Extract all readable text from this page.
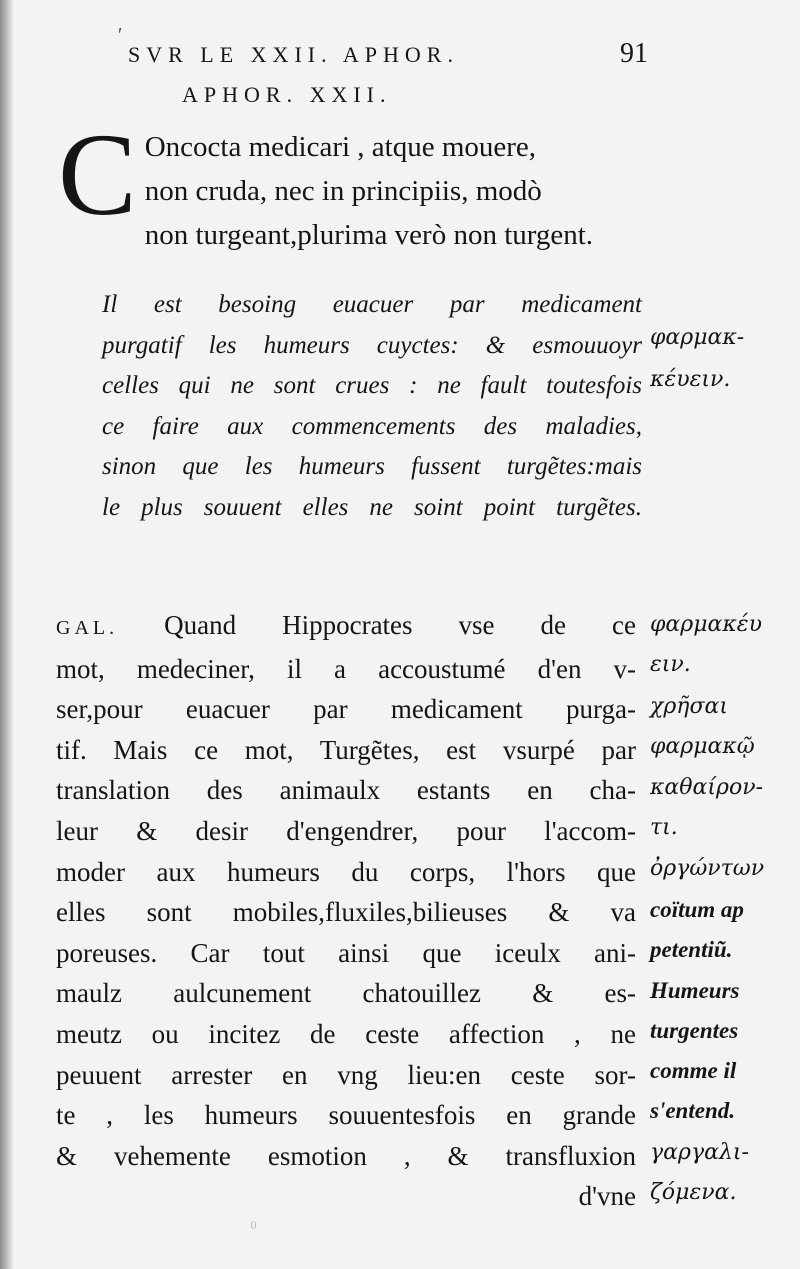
′
SVR LE XXII. APHOR.	91
APHOR. XXII.
C Oncocta medicari , atque mouere,
non cruda, nec in principiis, modò
non turgeant,plurima verò non turgent.
Il est besoing euacuer par medicament
purgatif les humeurs cuyctes: & esmouuoyr
celles qui ne sont crues : ne fault toutesfois
ce faire aux commencements des maladies,
sinon que les humeurs fussent turgẽtes:mais
le plus souuent elles ne soint point turgẽtes.
GAL. Quand Hippocrates vse de ce
mot, medeciner, il a accoustumé d'en v-
ser,pour euacuer par medicament purga-
tif. Mais ce mot, Turgẽtes, est vsurpé par
translation des animaulx estants en cha-
leur & desir d'engendrer, pour l'accom-
moder aux humeurs du corps, l'hors que
elles sont mobiles,fluxiles,bilieuses & va
poreuses. Car tout ainsi que iceulx ani-
maulz aulcunement chatouillez & es-
meutz ou incitez de ceste affection , ne
peuuent arrester en vng lieu:en ceste sor-
te , les humeurs souuentesfois en grande
& vehemente esmotion , & transfluxion
d'vne
φαρμακ-
κέυειν.
φαρμακέυ
ειν.
χρῆσαι
φαρμακῷ
καθαίρον-
τι.
ὀργώντων
coïtum ap
petentiũ.
Humeurs
turgentes
comme il
s'entend.
γαργαλι-
ζόμενα.
₀
